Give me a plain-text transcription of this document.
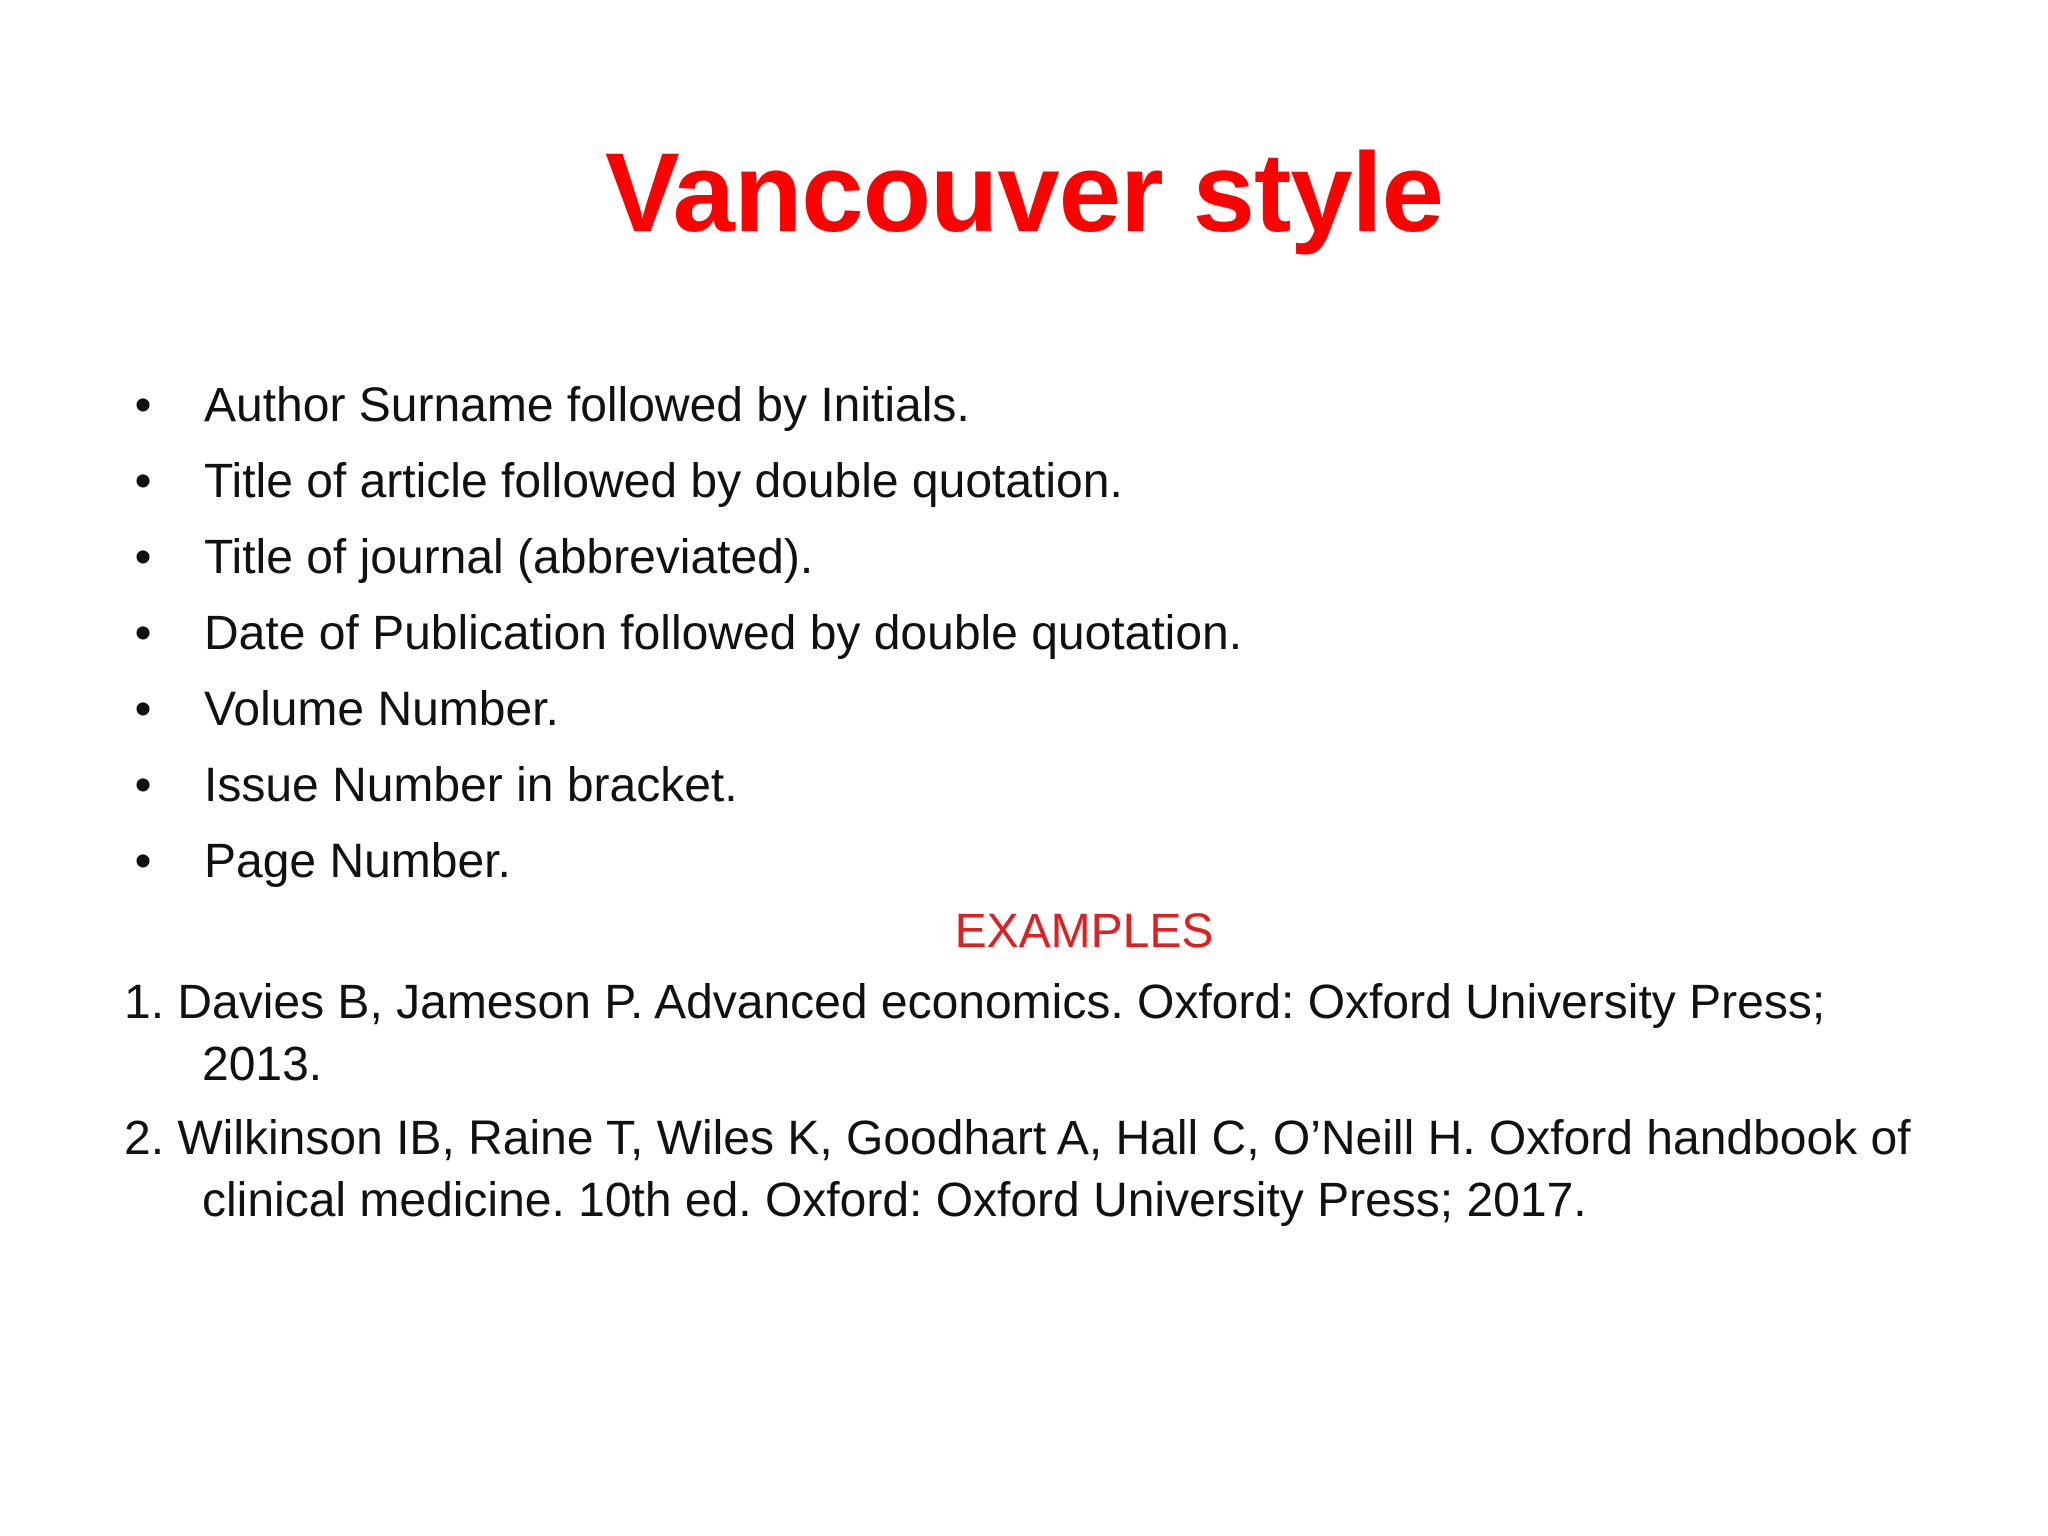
Vancouver style
• Author Surname followed by Initials.
• Title of article followed by double quotation.
• Title of journal (abbreviated).
• Date of Publication followed by double quotation.
• Volume Number.
• Issue Number in bracket.
• Page Number.
EXAMPLES
1. Davies B, Jameson P. Advanced economics. Oxford: Oxford University Press; 2013.
2. Wilkinson IB, Raine T, Wiles K, Goodhart A, Hall C, O’Neill H. Oxford handbook of clinical medicine. 10th ed. Oxford: Oxford University Press; 2017.
